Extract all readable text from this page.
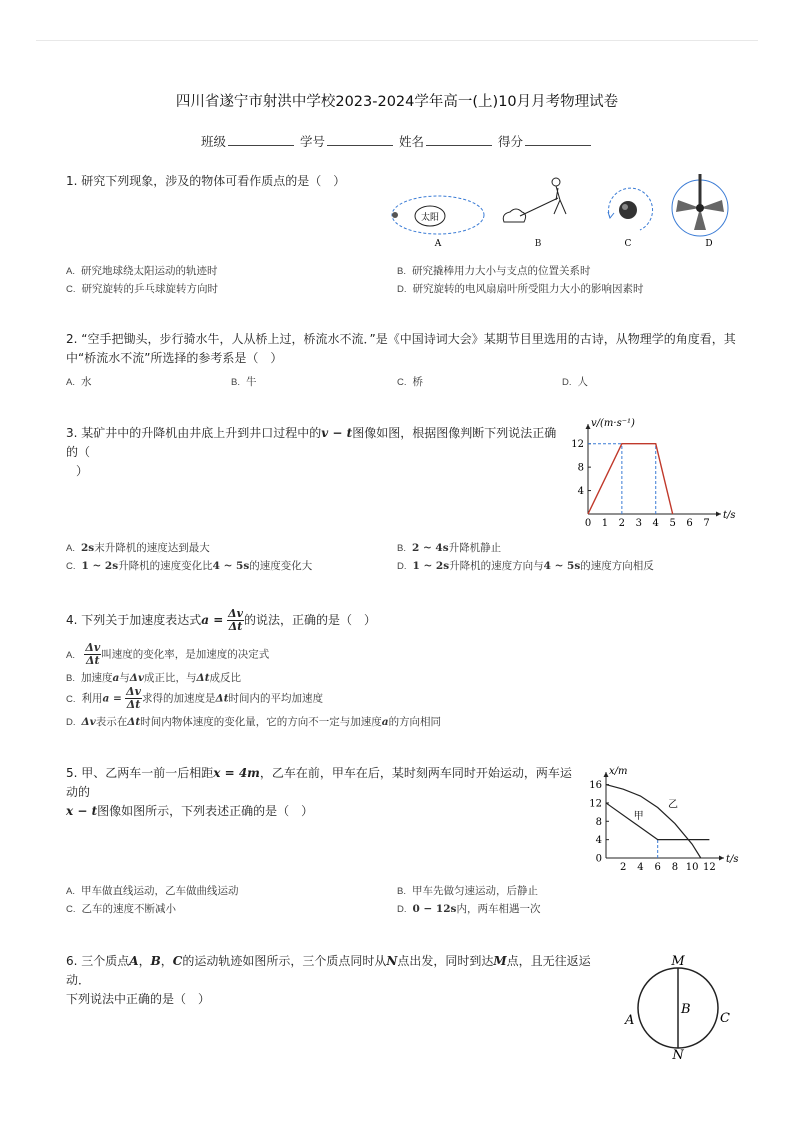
四川省遂宁市射洪中学校2023-2024学年高一(上)10月月考物理试卷
班级	学号	姓名	得分
1. 研究下列现象，涉及的物体可看作质点的是（　）
太阳
A	B	C	D
A. 研究地球绕太阳运动的轨迹时	B. 研究撬棒用力大小与支点的位置关系时
C. 研究旋转的乒乓球旋转方向时	D. 研究旋转的电风扇扇叶所受阻力大小的影响因素时
2. “空手把锄头，步行骑水牛，人从桥上过，桥流水不流．”是《中国诗词大会》某期节目里选用的古诗，从物理学的角度看，其
中“桥流水不流”所选择的参考系是（　）
A. 水	B. 牛	C. 桥	D. 人
3. 某矿井中的升降机由井底上升到井口过程中的v − t图像如图，根据图像判断下列说法正确的（
）
t/s
v/(m·s⁻¹)
0 1 2 3 4 5 6 7
4
8
12
A. 2s末升降机的速度达到最大	B. 2 ~ 4s升降机静止
C. 1 ~ 2s升降机的速度变化比4 ~ 5s的速度变化大	D. 1 ~ 2s升降机的速度方向与4 ~ 5s的速度方向相反
4. 下列关于加速度表达式$a = \frac{\Delta v}{\Delta t}$ 的说法，正确的是（　）
A. $\frac{\Delta v}{\Delta t}$ 叫速度的变化率，是加速度的决定式
B. 加速度a与Δv成正比，与Δt成反比
C. 利用$a = \frac{\Delta v}{\Delta t}$ 求得的加速度是Δt时间内的平均加速度
D. Δv表示在Δt时间内物体速度的变化量，它的方向不一定与加速度a的方向相同
5. 甲、乙两车一前一后相距x = 4m，乙车在前，甲车在后，某时刻两车同时开始运动，两车运动的
x − t图像如图所示，下列表述正确的是（　）
t/s
x/m
2 4 6 8 10 12
0
4
8
12
16
甲
乙
A. 甲车做直线运动，乙车做曲线运动	B. 甲车先做匀速运动，后静止
C. 乙车的速度不断减小	D. 0 − 12s内，两车相遇一次
6. 三个质点A，B，C的运动轨迹如图所示，三个质点同时从N点出发，同时到达M点，且无往返运动．
下列说法中正确的是（　）
M
N
A
B
C
